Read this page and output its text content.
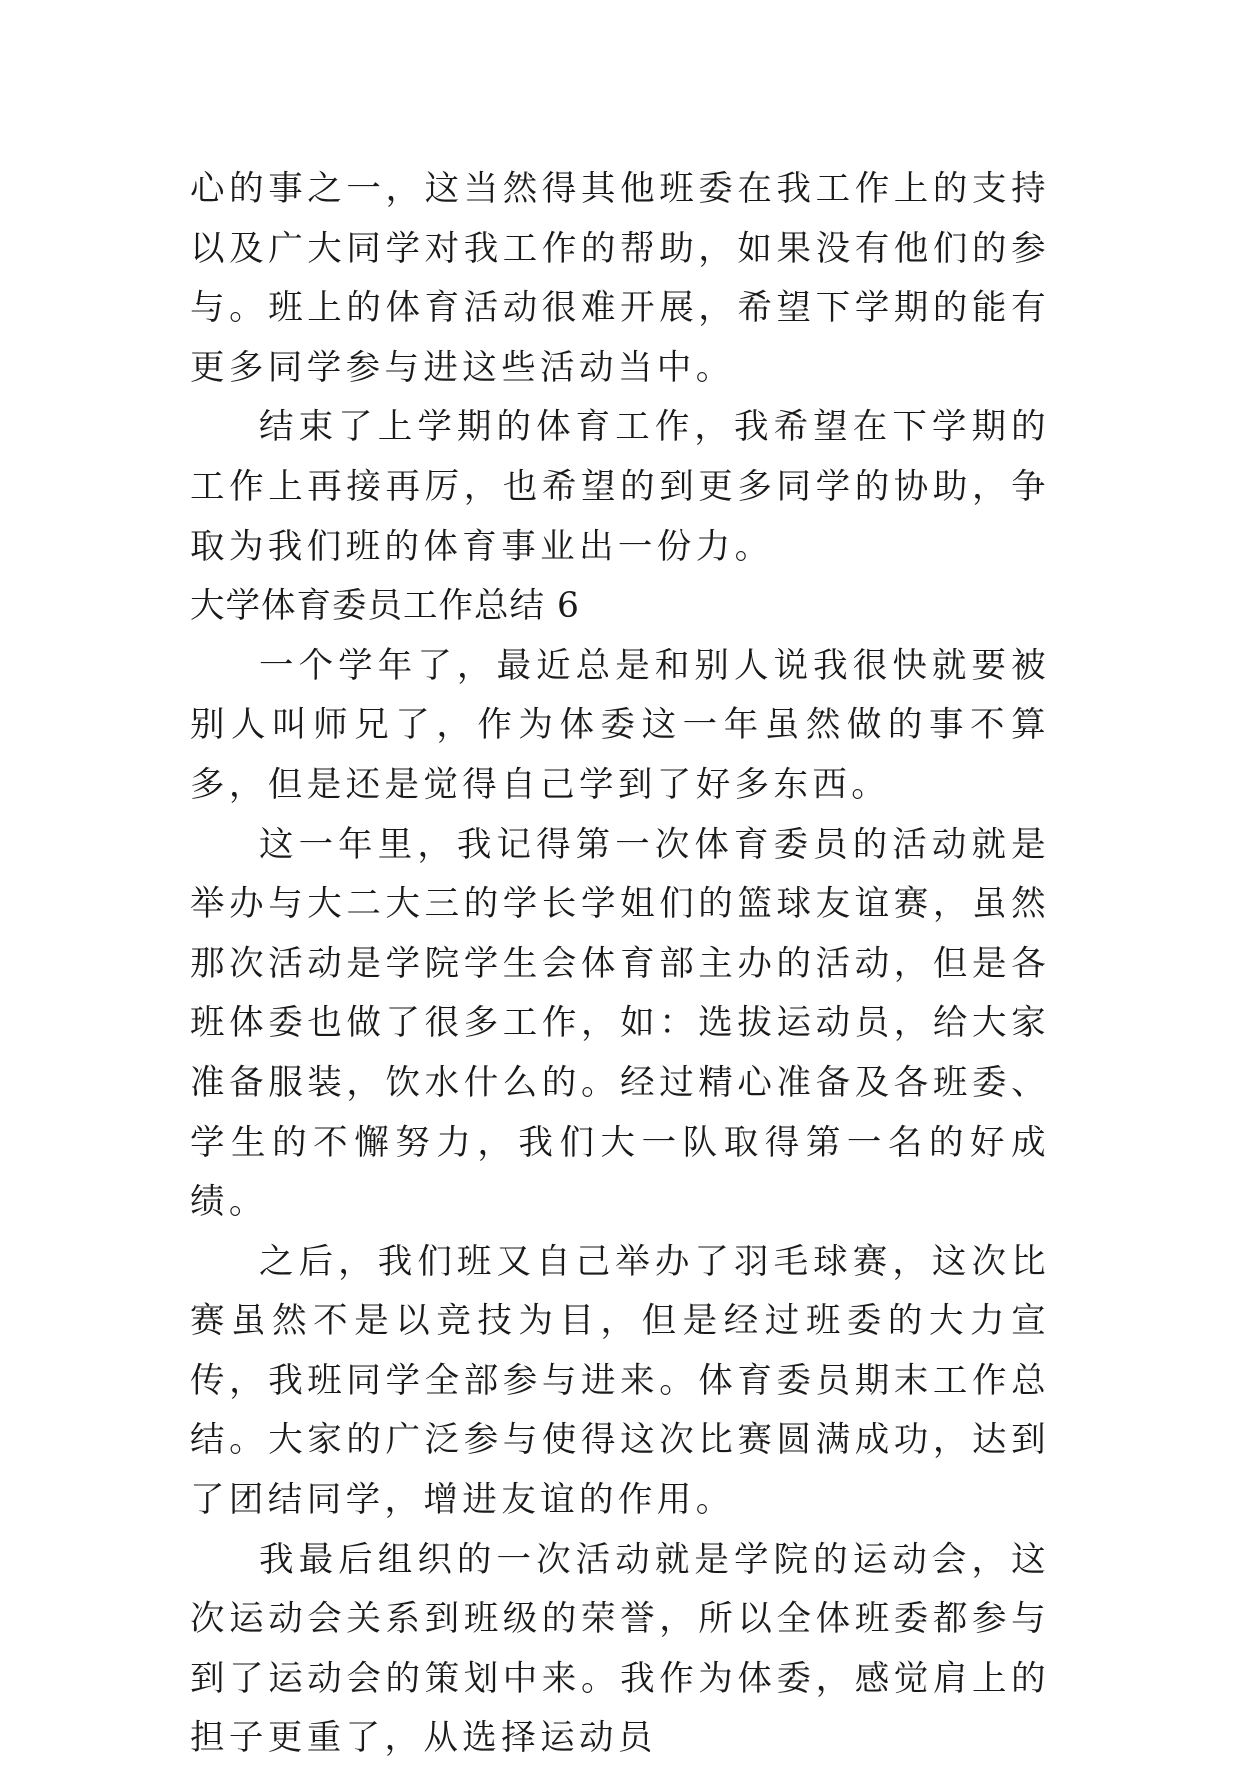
心的事之一，这当然得其他班委在我工作上的支持以及广大同学对我工作的帮助，如果没有他们的参与。班上的体育活动很难开展，希望下学期的能有更多同学参与进这些活动当中。

结束了上学期的体育工作，我希望在下学期的工作上再接再厉，也希望的到更多同学的协助，争取为我们班的体育事业出一份力。

大学体育委员工作总结 6

一个学年了，最近总是和别人说我很快就要被别人叫师兄了，作为体委这一年虽然做的事不算多，但是还是觉得自己学到了好多东西。

这一年里，我记得第一次体育委员的活动就是举办与大二大三的学长学姐们的篮球友谊赛，虽然那次活动是学院学生会体育部主办的活动，但是各班体委也做了很多工作，如：选拔运动员，给大家准备服装，饮水什么的。经过精心准备及各班委、学生的不懈努力，我们大一队取得第一名的好成绩。

之后，我们班又自己举办了羽毛球赛，这次比赛虽然不是以竞技为目，但是经过班委的大力宣传，我班同学全部参与进来。体育委员期末工作总结。大家的广泛参与使得这次比赛圆满成功，达到了团结同学，增进友谊的作用。

我最后组织的一次活动就是学院的运动会，这次运动会关系到班级的荣誉，所以全体班委都参与到了运动会的策划中来。我作为体委，感觉肩上的担子更重了，从选择运动员
